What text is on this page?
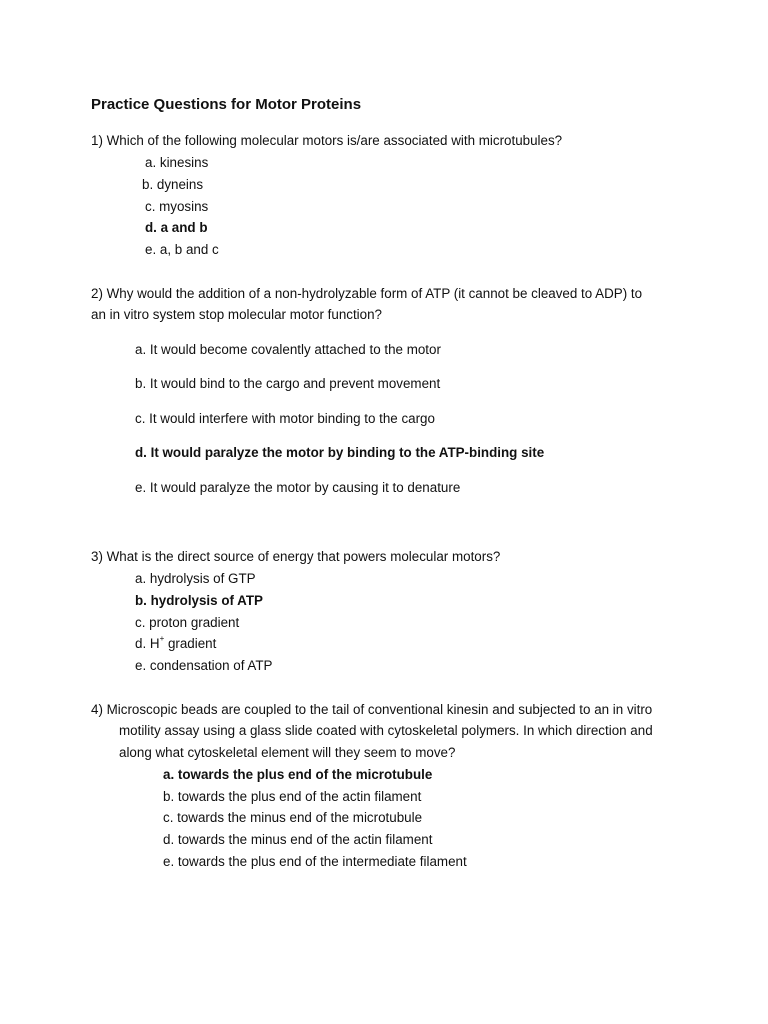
Practice Questions for Motor Proteins
1) Which of the following molecular motors is/are associated with microtubules?
a. kinesins
b. dyneins
c. myosins
d. a and b
e. a, b and c
2) Why would the addition of a non-hydrolyzable form of ATP (it cannot be cleaved to ADP) to
an in vitro system stop molecular motor function?
a. It would become covalently attached to the motor
b. It would bind to the cargo and prevent movement
c. It would interfere with motor binding to the cargo
d. It would paralyze the motor by binding to the ATP-binding site
e. It would paralyze the motor by causing it to denature
3) What is the direct source of energy that powers molecular motors?
a. hydrolysis of GTP
b. hydrolysis of ATP
c. proton gradient
d. H+ gradient
e. condensation of ATP
4) Microscopic beads are coupled to the tail of conventional kinesin and subjected to an in vitro
motility assay using a glass slide coated with cytoskeletal polymers. In which direction and
along what cytoskeletal element will they seem to move?
a. towards the plus end of the microtubule
b. towards the plus end of the actin filament
c. towards the minus end of the microtubule
d. towards the minus end of the actin filament
e. towards the plus end of the intermediate filament
